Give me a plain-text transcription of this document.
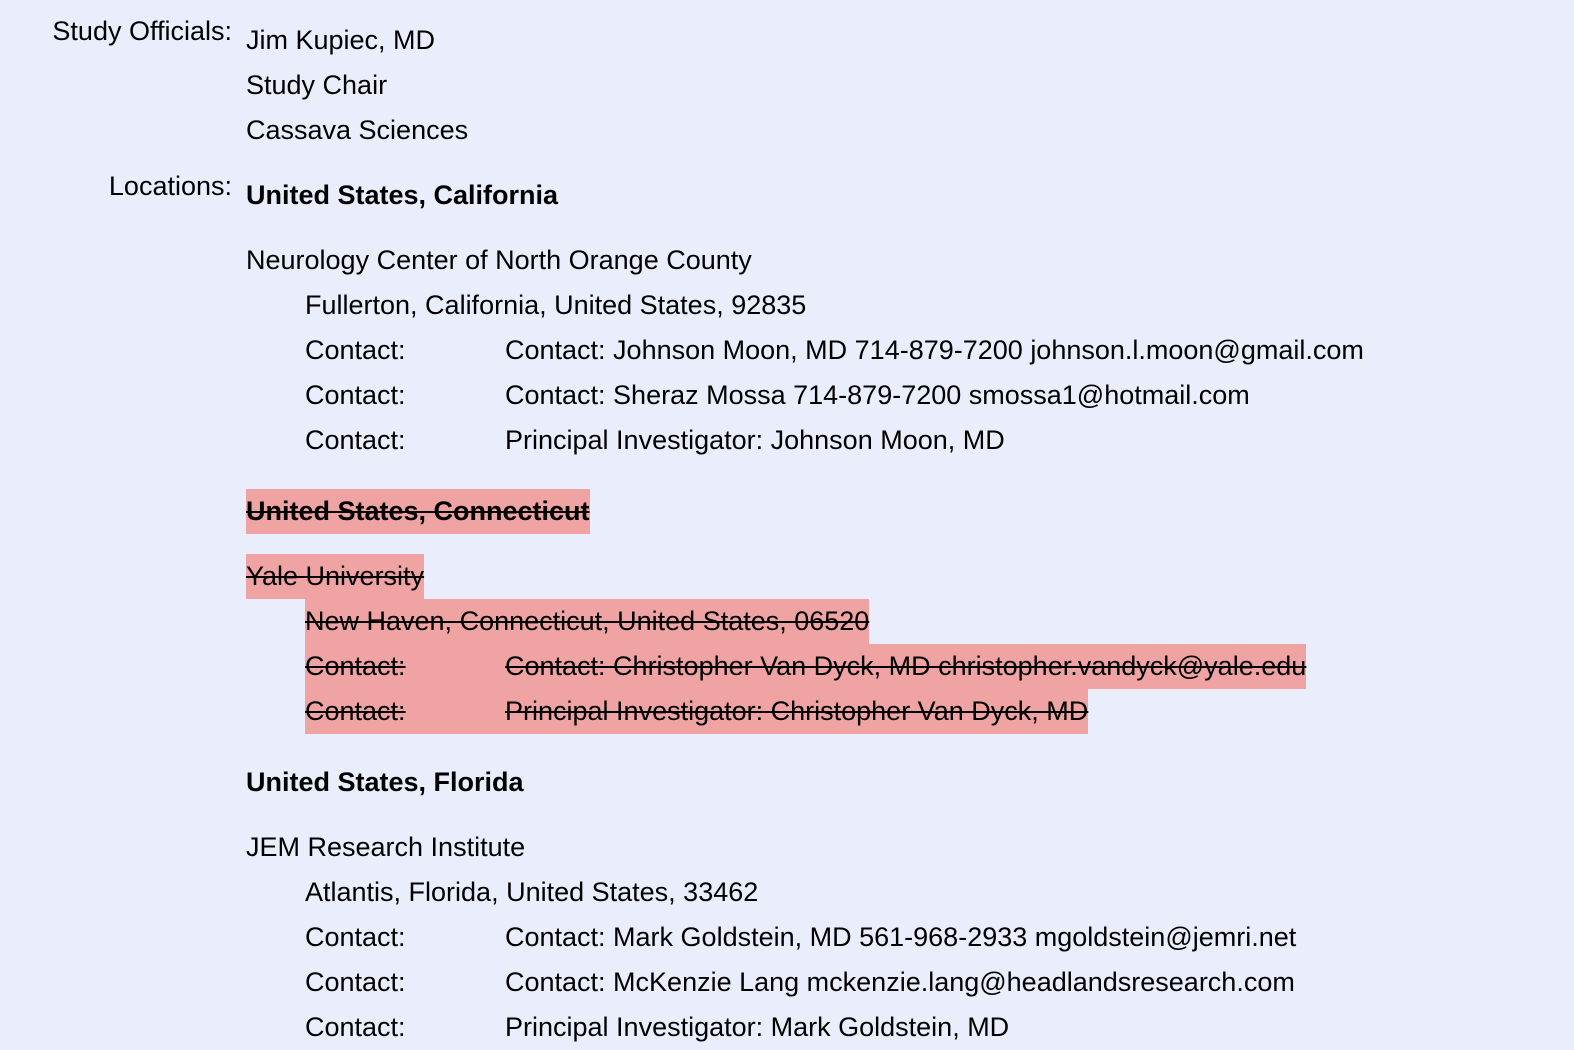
Study Officials: Jim Kupiec, MD
Study Chair
Cassava Sciences
Locations: United States, California
Neurology Center of North Orange County
Fullerton, California, United States, 92835
Contact:	Contact: Johnson Moon, MD 714-879-7200 johnson.l.moon@gmail.com
Contact:	Contact: Sheraz Mossa 714-879-7200 smossa1@hotmail.com
Contact:	Principal Investigator: Johnson Moon, MD
United States, Connecticut
Yale University
New Haven, Connecticut, United States, 06520
Contact:	Contact: Christopher Van Dyck, MD christopher.vandyck@yale.edu
Contact:	Principal Investigator: Christopher Van Dyck, MD
United States, Florida
JEM Research Institute
Atlantis, Florida, United States, 33462
Contact:	Contact: Mark Goldstein, MD 561-968-2933 mgoldstein@jemri.net
Contact:	Contact: McKenzie Lang mckenzie.lang@headlandsresearch.com
Contact:	Principal Investigator: Mark Goldstein, MD
